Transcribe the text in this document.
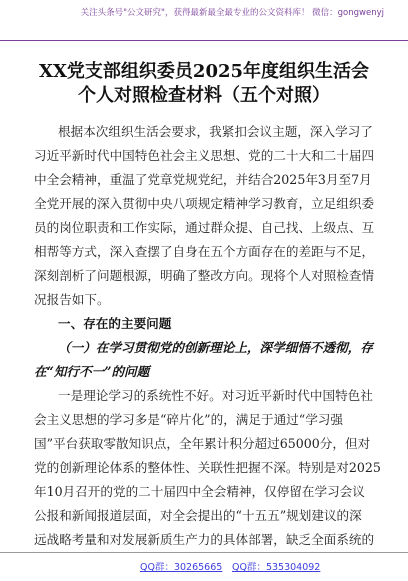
关注头条号"公文研究"，获得最新最全最专业的公文资料库！ 微信：gongwenyj
XX党支部组织委员2025年度组织生活会
个人对照检查材料（五个对照）
根据本次组织生活会要求，我紧扣会议主题，深入学习了
习近平新时代中国特色社会主义思想、党的二十大和二十届四
中全会精神，重温了党章党规党纪，并结合2025年3月至7月
全党开展的深入贯彻中央八项规定精神学习教育，立足组织委
员的岗位职责和工作实际，通过群众提、自己找、上级点、互
相帮等方式，深入查摆了自身在五个方面存在的差距与不足，
深刻剖析了问题根源，明确了整改方向。现将个人对照检查情
况报告如下。
一、存在的主要问题
（一）在学习贯彻党的创新理论上，深学细悟不透彻，存
在“知行不一”的问题
一是理论学习的系统性不好。对习近平新时代中国特色社
会主义思想的学习多是“碎片化”的，满足于通过“学习强
国”平台获取零散知识点，全年累计积分超过65000分，但对
党的创新理论体系的整体性、关联性把握不深。特别是对2025
年10月召开的党的二十届四中全会精神，仅停留在学习会议
公报和新闻报道层面，对全会提出的“十五五”规划建议的深
远战略考量和对发展新质生产力的具体部署，缺乏全面系统的
QQ群：30265665 QQ群：535304092
